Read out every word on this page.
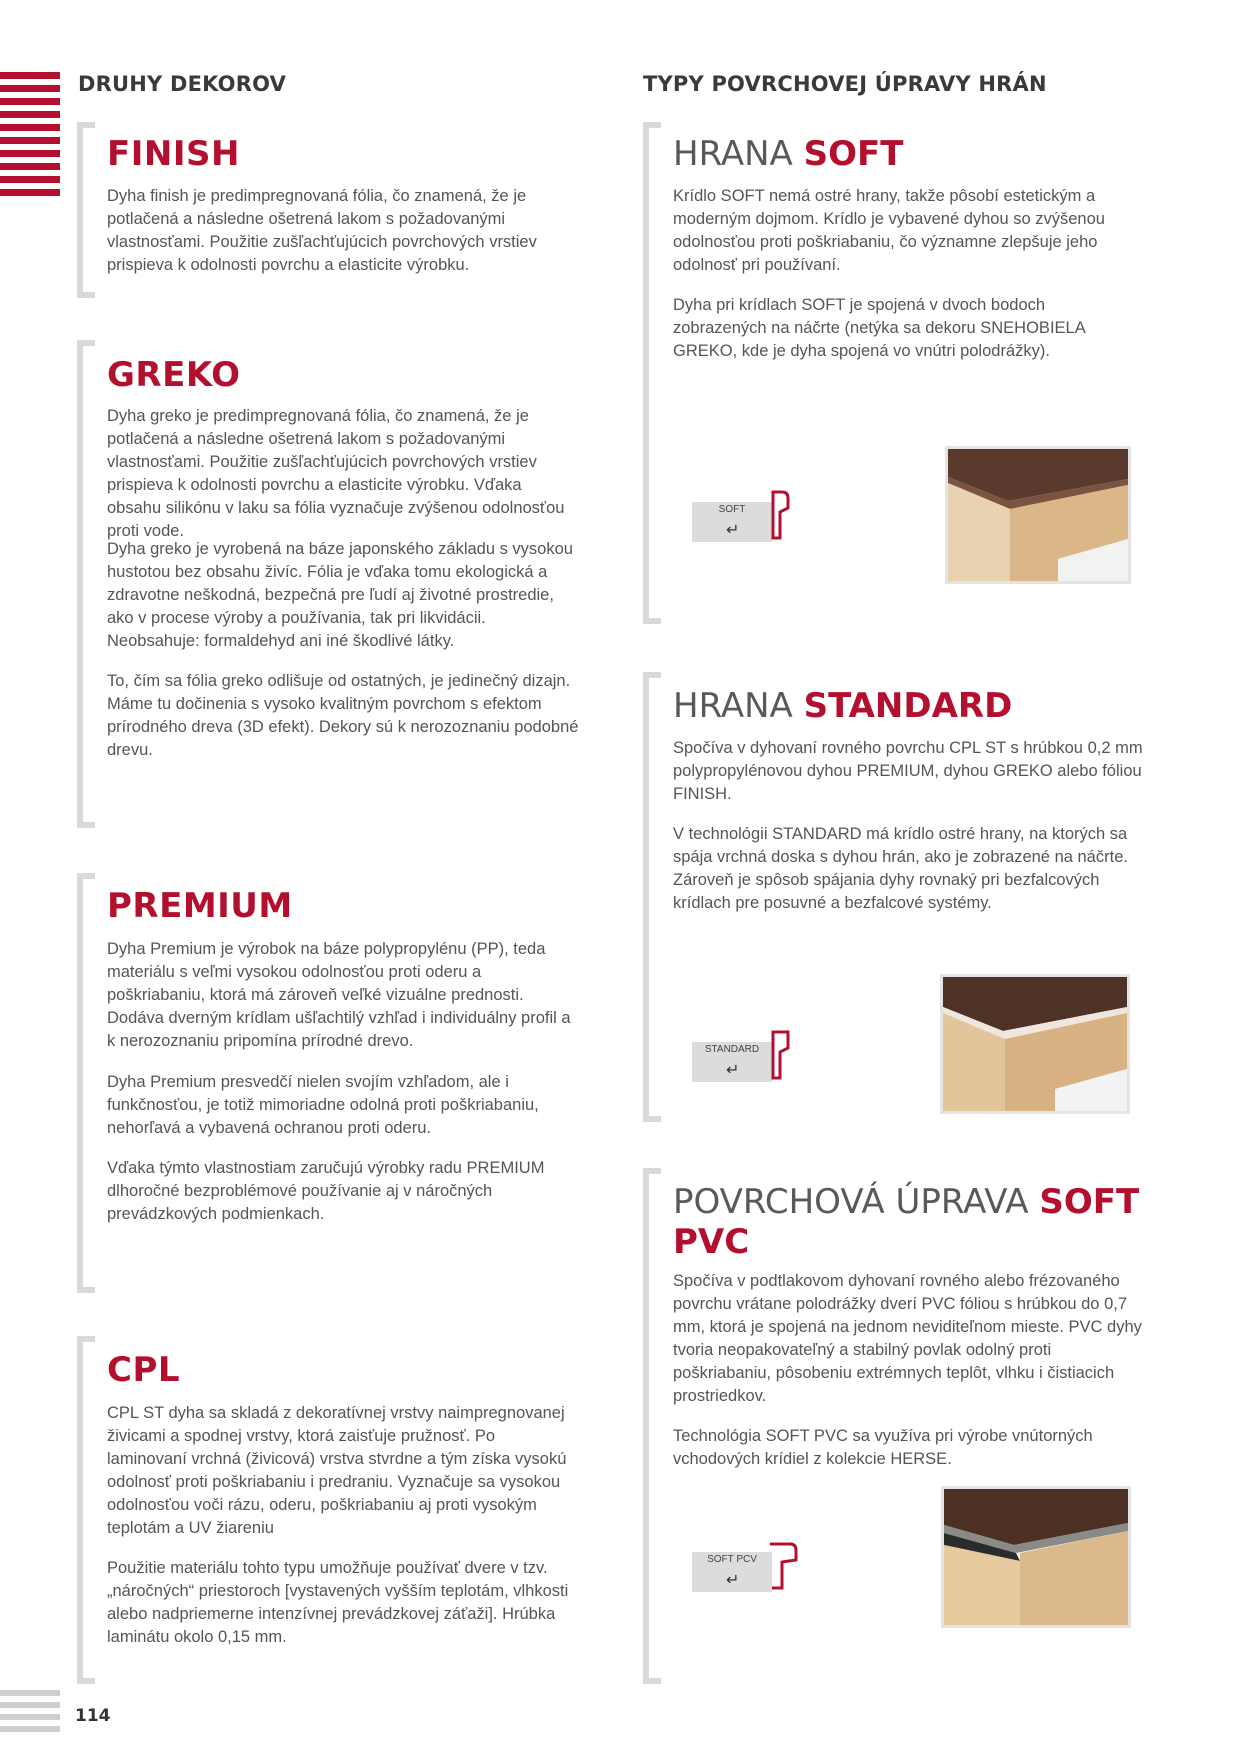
DRUHY DEKOROV	TYPY POVRCHOVEJ ÚPRAVY HRÁN
FINISH

Dyha finish je predimpregnovaná fólia, čo znamená, že je potlačená a následne ošetrená lakom s požadovanými vlastnosťami. Použitie zušľachťujúcich povrchových vrstiev prispieva k odolnosti povrchu a elasticite výrobku.

GREKO

Dyha greko je predimpregnovaná fólia, čo znamená, že je potlačená a následne ošetrená lakom s požadovanými vlastnosťami. Použitie zušľachťujúcich povrchových vrstiev prispieva k odolnosti povrchu a elasticite výrobku. Vďaka obsahu silikónu v laku sa fólia vyznačuje zvýšenou odolnosťou proti vode.

Dyha greko je vyrobená na báze japonského základu s vysokou hustotou bez obsahu živíc. Fólia je vďaka tomu ekologická a zdravotne neškodná, bezpečná pre ľudí aj životné prostredie, ako v procese výroby a používania, tak pri likvidácii. Neobsahuje: formaldehyd ani iné škodlivé látky.

To, čím sa fólia greko odlišuje od ostatných, je jedinečný dizajn. Máme tu dočinenia s vysoko kvalitným povrchom s efektom prírodného dreva (3D efekt). Dekory sú k nerozoznaniu podobné drevu.

PREMIUM

Dyha Premium je výrobok na báze polypropylénu (PP), teda materiálu s veľmi vysokou odolnosťou proti oderu a poškriabaniu, ktorá má zároveň veľké vizuálne prednosti. Dodáva dverným krídlam ušľachtilý vzhľad i individuálny profil a k nerozoznaniu pripomína prírodné drevo.

Dyha Premium presvedčí nielen svojím vzhľadom, ale i funkčnosťou, je totiž mimoriadne odolná proti poškriabaniu, nehorľavá a vybavená ochranou proti oderu.

Vďaka týmto vlastnostiam zaručujú výrobky radu PREMIUM dlhoročné bezproblémové používanie aj v náročných prevádzkových podmienkach.

CPL

CPL ST dyha sa skladá z dekoratívnej vrstvy naimpregnovanej živicami a spodnej vrstvy, ktorá zaisťuje pružnosť. Po laminovaní vrchná (živicová) vrstva stvrdne a tým získa vysokú odolnosť proti poškriabaniu i predraniu. Vyznačuje sa vysokou odolnosťou voči rázu, oderu, poškriabaniu aj proti vysokým teplotám a UV žiareniu

Použitie materiálu tohto typu umožňuje používať dvere v tzv. „náročných“ priestoroch [vystavených vyšším teplotám, vlhkosti alebo nadpriemerne intenzívnej prevádzkovej záťaži]. Hrúbka laminátu okolo 0,15 mm.

114
HRANA SOFT

Krídlo SOFT nemá ostré hrany, takže pôsobí estetickým a moderným dojmom. Krídlo je vybavené dyhou so zvýšenou odolnosťou proti poškriabaniu, čo významne zlepšuje jeho odolnosť pri používaní.

Dyha pri krídlach SOFT je spojená v dvoch bodoch zobrazených na náčrte (netýka sa dekoru SNEHOBIELA GREKO, kde je dyha spojená vo vnútri polodrážky).

SOFT
↵
HRANA STANDARD

Spočíva v dyhovaní rovného povrchu CPL ST s hrúbkou 0,2 mm polypropylénovou dyhou PREMIUM, dyhou GREKO alebo fóliou FINISH.

V technológii STANDARD má krídlo ostré hrany, na ktorých sa spája vrchná doska s dyhou hrán, ako je zobrazené na náčrte. Zároveň je spôsob spájania dyhy rovnaký pri bezfalcových krídlach pre posuvné a bezfalcové systémy.

STANDARD
↵
POVRCHOVÁ ÚPRAVA SOFT
PVC

Spočíva v podtlakovom dyhovaní rovného alebo frézovaného povrchu vrátane polodrážky dverí PVC fóliou s hrúbkou do 0,7 mm, ktorá je spojená na jednom neviditeľnom mieste. PVC dyhy tvoria neopakovateľný a stabilný povlak odolný proti poškriabaniu, pôsobeniu extrémnych teplôt, vlhku i čistiacich prostriedkov.

Technológia SOFT PVC sa využíva pri výrobe vnútorných vchodových krídiel z kolekcie HERSE.

SOFT PCV
↵
